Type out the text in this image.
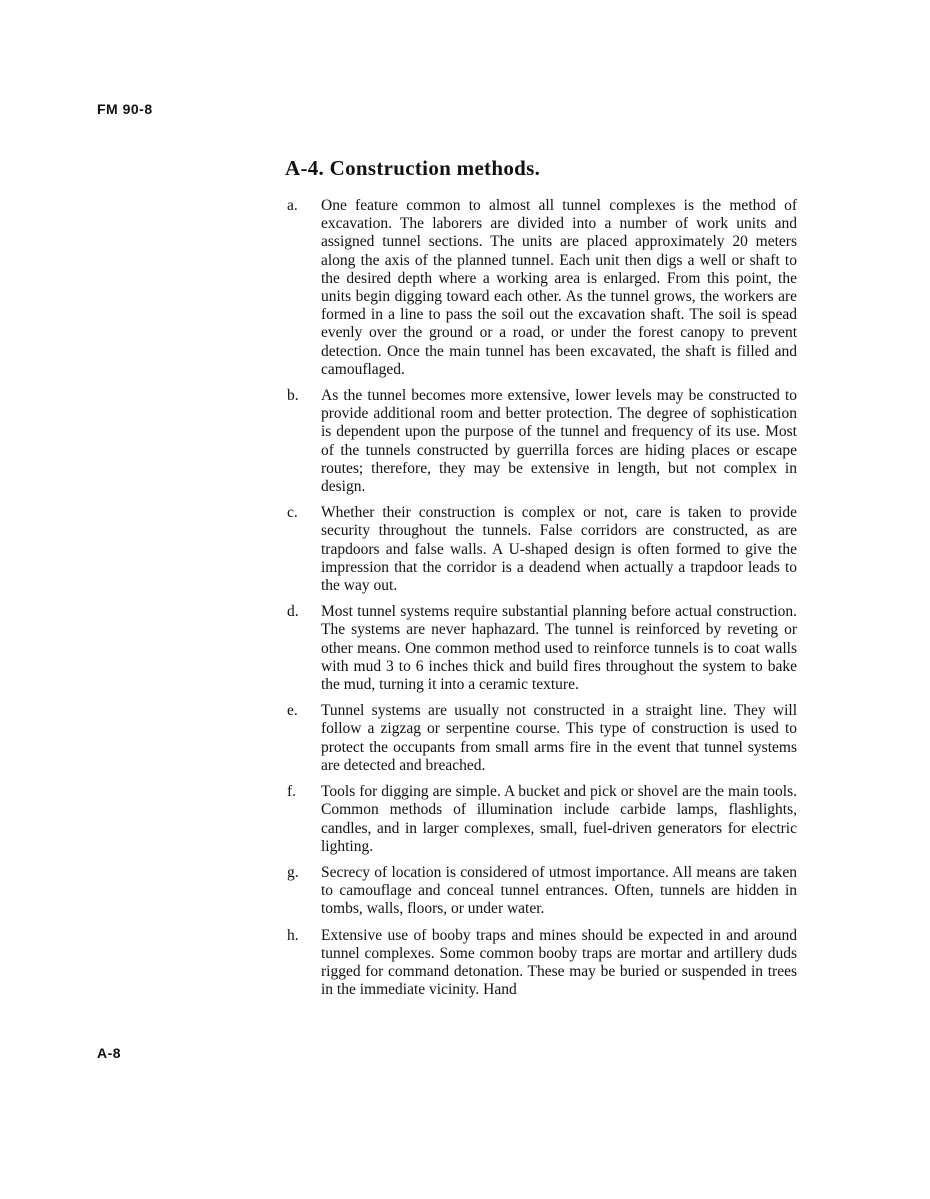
FM 90-8
A-4. Construction methods.
a.	One feature common to almost all tunnel complexes is the method of excavation. The laborers are divided into a number of work units and assigned tunnel sections. The units are placed approximately 20 meters along the axis of the planned tunnel. Each unit then digs a well or shaft to the desired depth where a working area is enlarged. From this point, the units begin digging toward each other. As the tunnel grows, the workers are formed in a line to pass the soil out the excavation shaft. The soil is spead evenly over the ground or a road, or under the forest canopy to prevent detection. Once the main tunnel has been excavated, the shaft is filled and camouflaged.
b.	As the tunnel becomes more extensive, lower levels may be constructed to provide additional room and better protection. The degree of sophistication is dependent upon the purpose of the tunnel and frequency of its use. Most of the tunnels constructed by guerrilla forces are hiding places or escape routes; therefore, they may be extensive in length, but not complex in design.
c.	Whether their construction is complex or not, care is taken to provide security throughout the tunnels. False corridors are constructed, as are trapdoors and false walls. A U-shaped design is often formed to give the impression that the corridor is a deadend when actually a trapdoor leads to the way out.
d.	Most tunnel systems require substantial planning before actual construction. The systems are never haphazard. The tunnel is reinforced by reveting or other means. One common method used to reinforce tunnels is to coat walls with mud 3 to 6 inches thick and build fires throughout the system to bake the mud, turning it into a ceramic texture.
e.	Tunnel systems are usually not constructed in a straight line. They will follow a zigzag or serpentine course. This type of construction is used to protect the occupants from small arms fire in the event that tunnel systems are detected and breached.
f.	Tools for digging are simple. A bucket and pick or shovel are the main tools. Common methods of illumination include carbide lamps, flashlights, candles, and in larger complexes, small, fuel-driven generators for electric lighting.
g.	Secrecy of location is considered of utmost importance. All means are taken to camouflage and conceal tunnel entrances. Often, tunnels are hidden in tombs, walls, floors, or under water.
h.	Extensive use of booby traps and mines should be expected in and around tunnel complexes. Some common booby traps are mortar and artillery duds rigged for command detonation. These may be buried or suspended in trees in the immediate vicinity. Hand
A-8
